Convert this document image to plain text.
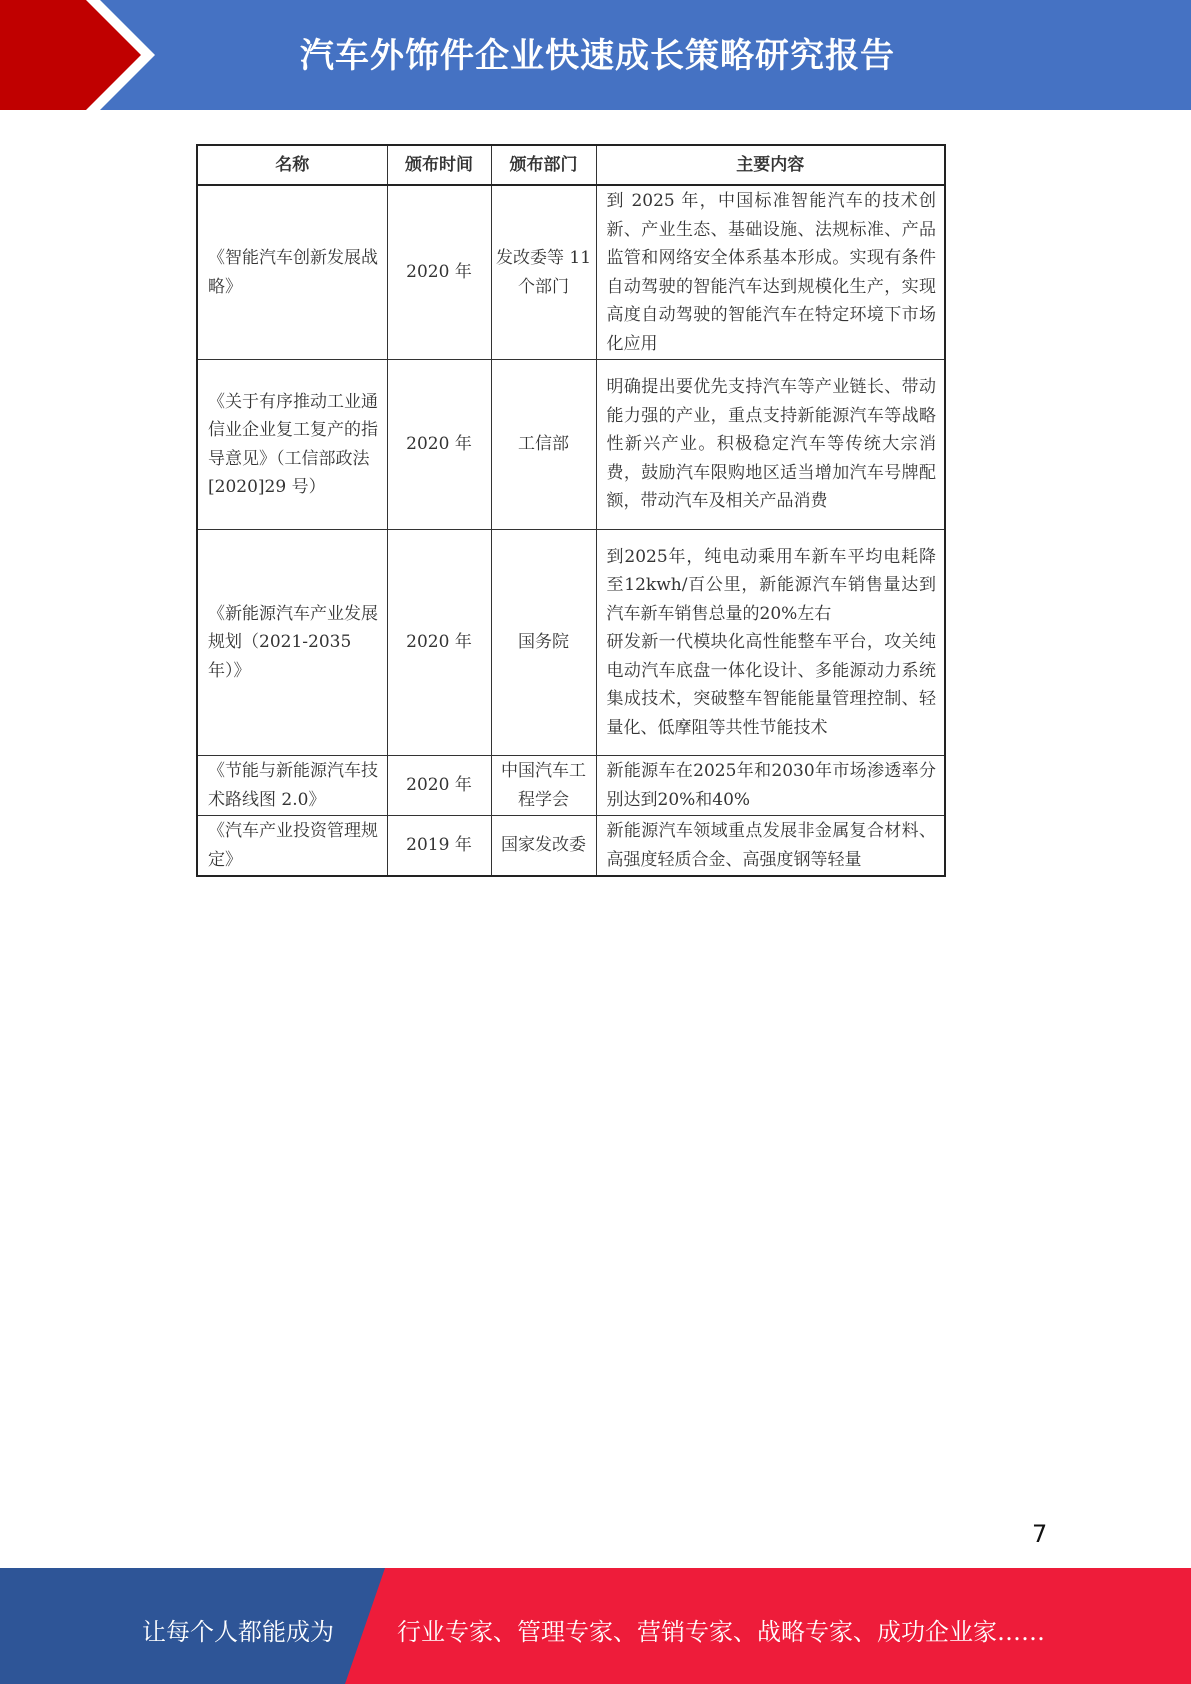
汽车外饰件企业快速成长策略研究报告
名称	颁布时间	颁布部门	主要内容
《智能汽车创新发展战略》	2020 年	发改委等 11 个部门	到 2025 年，中国标准智能汽车的技术创新、产业生态、基础设施、法规标准、产品监管和网络安全体系基本形成。实现有条件自动驾驶的智能汽车达到规模化生产，实现高度自动驾驶的智能汽车在特定环境下市场化应用
《关于有序推动工业通信业企业复工复产的指导意见》（工信部政法[2020]29 号）	2020 年	工信部	明确提出要优先支持汽车等产业链长、带动能力强的产业，重点支持新能源汽车等战略性新兴产业。积极稳定汽车等传统大宗消费，鼓励汽车限购地区适当增加汽车号牌配额，带动汽车及相关产品消费
《新能源汽车产业发展规划（2021-2035 年）》	2020 年	国务院	到2025年，纯电动乘用车新车平均电耗降至12kwh/百公里，新能源汽车销售量达到汽车新车销售总量的20%左右
研发新一代模块化高性能整车平台，攻关纯电动汽车底盘一体化设计、多能源动力系统集成技术，突破整车智能能量管理控制、轻量化、低摩阻等共性节能技术

《节能与新能源汽车技术路线图 2.0》	2020 年	中国汽车工程学会	新能源车在2025年和2030年市场渗透率分别达到20%和40%
《汽车产业投资管理规定》	2019 年	国家发改委	新能源汽车领域重点发展非金属复合材料、高强度轻质合金、高强度钢等轻量
7
让每个人都能成为	行业专家、管理专家、营销专家、战略专家、成功企业家……
